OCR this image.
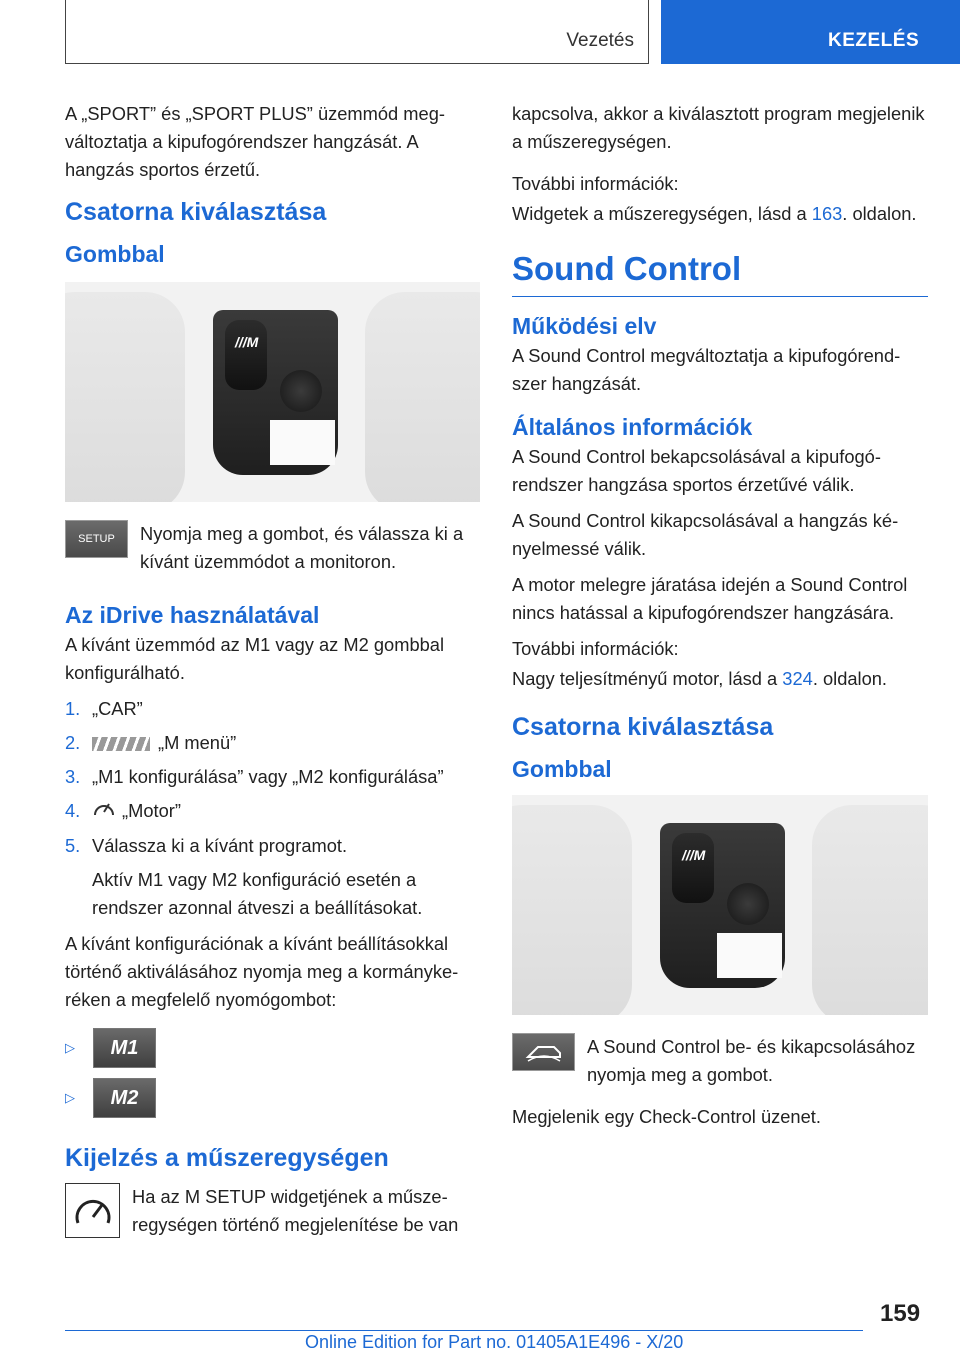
Vezetés	KEZELÉS

A „SPORT” és „SPORT PLUS” üzemmód megváltoztatja a kipufogórendszer hangzását. A hangzás sportos érzetű.

Csatorna kiválasztása
Gombbal
///M
SETUP Nyomja meg a gombot, és válassza ki a kívánt üzemmódot a monitoron.

Az iDrive használatával

A kívánt üzemmód az M1 vagy az M2 gombbal konfigurálható.

1. „CAR”
2.	„M menü”
3. „M1 konfigurálása” vagy „M2 konfigurálása”
4.	„Motor”
5. Válassza ki a kívánt programot.

Aktív M1 vagy M2 konfiguráció esetén a rendszer azonnal átveszi a beállításokat.

A kívánt konfigurációnak a kívánt beállításokkal történő aktiválásához nyomja meg a kormánykeréken a megfelelő nyomógombot:

▷ M1
▷ M2
Kijelzés a műszeregységen

Ha az M SETUP widgetjének a műszeregységen történő megjelenítése be van

kapcsolva, akkor a kiválasztott program megjelenik a műszeregységen.

További információk:

Widgetek a műszeregységen, lásd a 163. oldalon.

Sound Control
Működési elv

A Sound Control megváltoztatja a kipufogórendszer hangzását.

Általános információk

A Sound Control bekapcsolásával a kipufogórendszer hangzása sportos érzetűvé válik.

A Sound Control kikapcsolásával a hangzás kényelmessé válik.

A motor melegre járatása idején a Sound Control nincs hatással a kipufogórendszer hangzására.

További információk:

Nagy teljesítményű motor, lásd a 324. oldalon.

Csatorna kiválasztása
Gombbal
///M

A Sound Control be- és kikapcsolásához nyomja meg a gombot.

Megjelenik egy Check-Control üzenet.

159
Online Edition for Part no. 01405A1E496 - X/20
